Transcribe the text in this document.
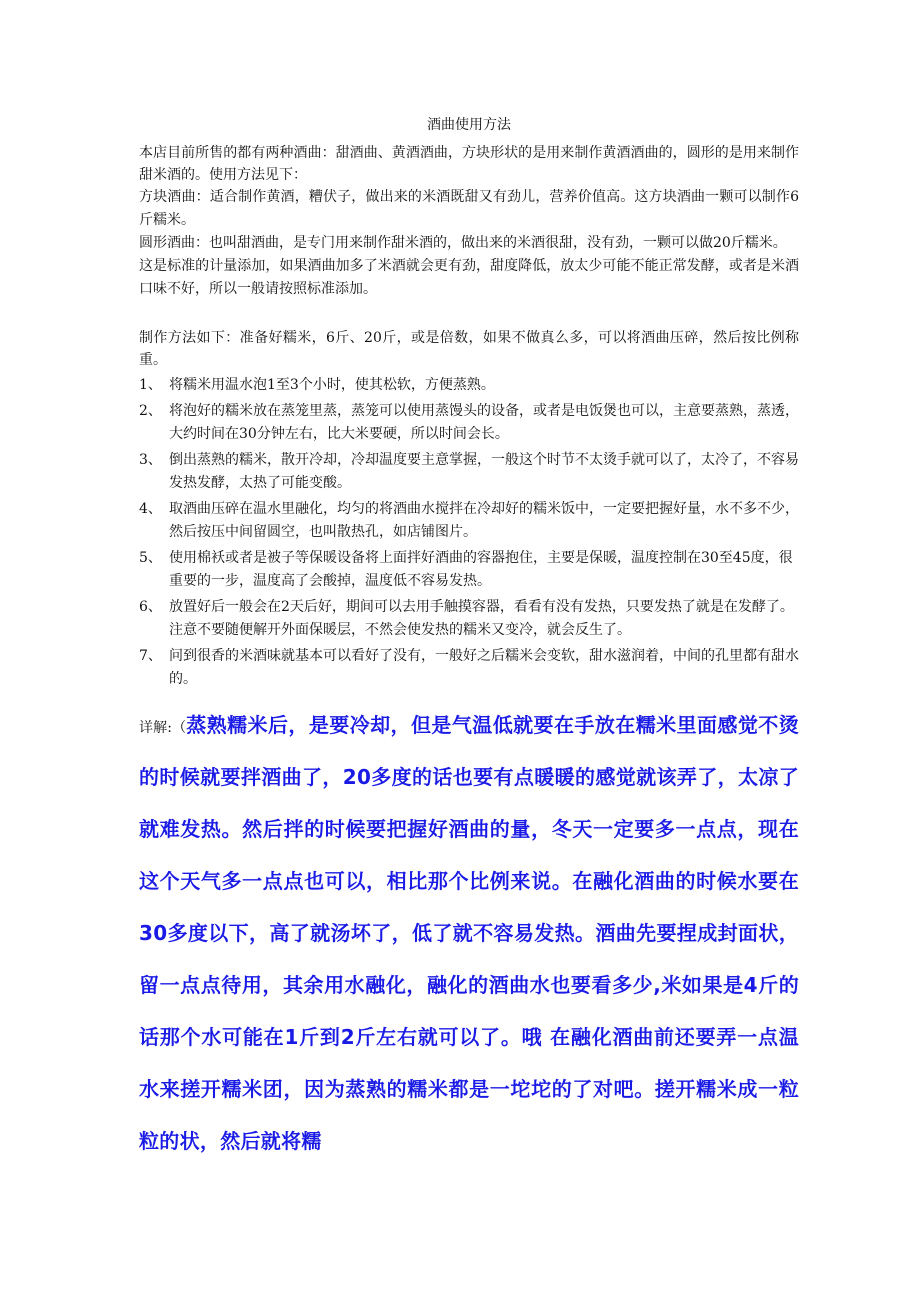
酒曲使用方法

本店目前所售的都有两种酒曲：甜酒曲、黄酒酒曲，方块形状的是用来制作黄酒酒曲的，圆形的是用来制作甜米酒的。使用方法见下：

方块酒曲：适合制作黄酒，糟伏子，做出来的米酒既甜又有劲儿，营养价值高。这方块酒曲一颗可以制作6斤糯米。

圆形酒曲：也叫甜酒曲，是专门用来制作甜米酒的，做出来的米酒很甜，没有劲，一颗可以做20斤糯米。

这是标准的计量添加，如果酒曲加多了米酒就会更有劲，甜度降低，放太少可能不能正常发酵，或者是米酒口味不好，所以一般请按照标准添加。

制作方法如下：准备好糯米，6斤、20斤，或是倍数，如果不做真么多，可以将酒曲压碎，然后按比例称重。

1、 将糯米用温水泡1至3个小时，使其松软，方便蒸熟。
2、 将泡好的糯米放在蒸笼里蒸，蒸笼可以使用蒸馒头的设备，或者是电饭煲也可以，主意要蒸熟，蒸透，大约时间在30分钟左右，比大米要硬，所以时间会长。
3、 倒出蒸熟的糯米，散开冷却，冷却温度要主意掌握，一般这个时节不太烫手就可以了，太冷了，不容易发热发酵，太热了可能变酸。
4、 取酒曲压碎在温水里融化，均匀的将酒曲水搅拌在冷却好的糯米饭中，一定要把握好量，水不多不少，然后按压中间留圆空，也叫散热孔，如店铺图片。
5、 使用棉袄或者是被子等保暖设备将上面拌好酒曲的容器抱住，主要是保暖，温度控制在30至45度，很重要的一步，温度高了会酸掉，温度低不容易发热。
6、 放置好后一般会在2天后好，期间可以去用手触摸容器，看看有没有发热，只要发热了就是在发酵了。注意不要随便解开外面保暖层，不然会使发热的糯米又变冷，就会反生了。
7、 问到很香的米酒味就基本可以看好了没有，一般好之后糯米会变软，甜水滋润着，中间的孔里都有甜水的。

详解:（蒸熟糯米后，是要冷却，但是气温低就要在手放在糯米里面感觉不烫的时候就要拌酒曲了，20多度的话也要有点暖暖的感觉就该弄了，太凉了就难发热。然后拌的时候要把握好酒曲的量，冬天一定要多一点点，现在这个天气多一点点也可以，相比那个比例来说。在融化酒曲的时候水要在30多度以下，高了就汤坏了，低了就不容易发热。酒曲先要捏成封面状，留一点点待用，其余用水融化，融化的酒曲水也要看多少,米如果是4斤的话那个水可能在1斤到2斤左右就可以了。哦 在融化酒曲前还要弄一点温水来搓开糯米团，因为蒸熟的糯米都是一坨坨的了对吧。搓开糯米成一粒粒的状，然后就将糯
